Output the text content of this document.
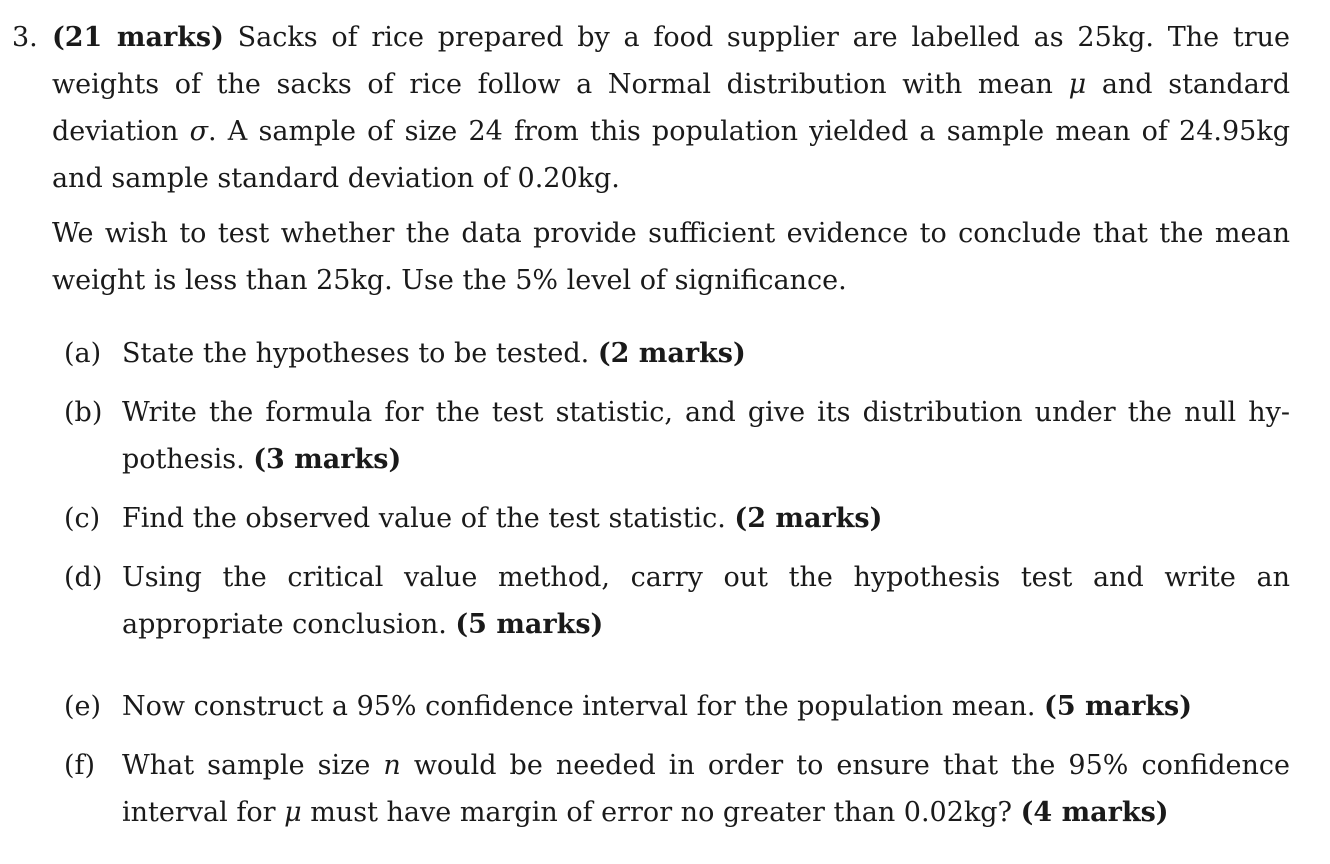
3. (21 marks) Sacks of rice prepared by a food supplier are labelled as 25kg. The true weights of the sacks of rice follow a Normal distribution with mean μ and standard deviation σ. A sample of size 24 from this population yielded a sample mean of 24.95kg and sample standard deviation of 0.20kg.
We wish to test whether the data provide sufficient evidence to conclude that the mean weight is less than 25kg. Use the 5% level of significance.
(a) State the hypotheses to be tested. (2 marks)
(b) Write the formula for the test statistic, and give its distribution under the null hy-pothesis. (3 marks)
(c) Find the observed value of the test statistic. (2 marks)
(d) Using the critical value method, carry out the hypothesis test and write an appropriate conclusion. (5 marks)
(e) Now construct a 95% confidence interval for the population mean. (5 marks)
(f) What sample size n would be needed in order to ensure that the 95% confidence interval for μ must have margin of error no greater than 0.02kg? (4 marks)
